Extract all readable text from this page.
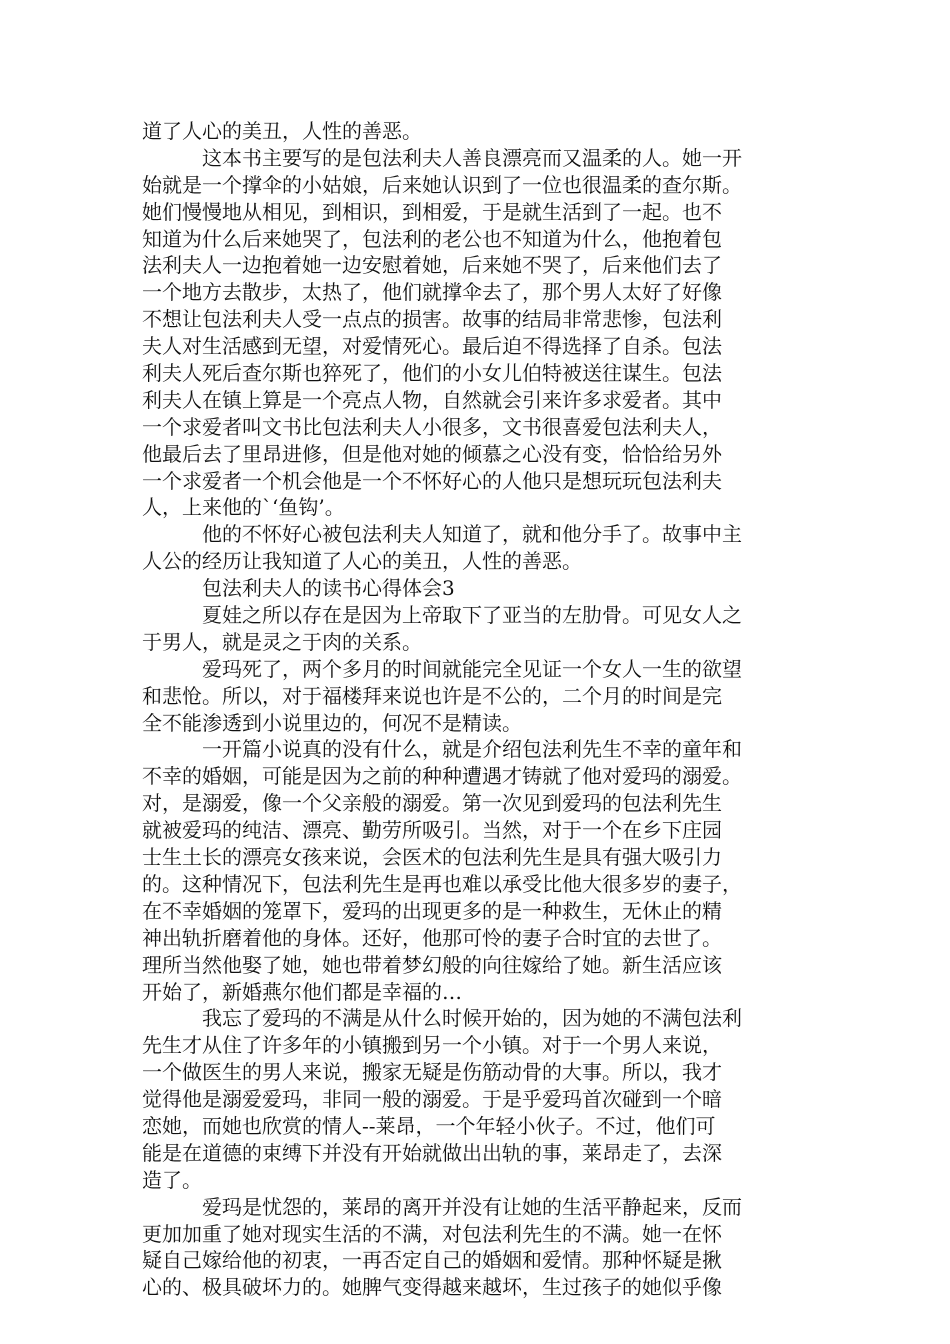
道了人心的美丑，人性的善恶。
这本书主要写的是包法利夫人善良漂亮而又温柔的人。她一开
始就是一个撑伞的小姑娘，后来她认识到了一位也很温柔的查尔斯。
她们慢慢地从相见，到相识，到相爱，于是就生活到了一起。也不
知道为什么后来她哭了，包法利的老公也不知道为什么，他抱着包
法利夫人一边抱着她一边安慰着她，后来她不哭了，后来他们去了
一个地方去散步，太热了，他们就撑伞去了，那个男人太好了好像
不想让包法利夫人受一点点的损害。故事的结局非常悲惨，包法利
夫人对生活感到无望，对爱情死心。最后迫不得选择了自杀。包法
利夫人死后查尔斯也猝死了，他们的小女儿伯特被送往谋生。包法
利夫人在镇上算是一个亮点人物，自然就会引来许多求爱者。其中
一个求爱者叫文书比包法利夫人小很多，文书很喜爱包法利夫人，
他最后去了里昂进修，但是他对她的倾慕之心没有变，恰恰给另外
一个求爱者一个机会他是一个不怀好心的人他只是想玩玩包法利夫
人，上来他的`‘鱼钩’。
他的不怀好心被包法利夫人知道了，就和他分手了。故事中主
人公的经历让我知道了人心的美丑，人性的善恶。
包法利夫人的读书心得体会3
夏娃之所以存在是因为上帝取下了亚当的左肋骨。可见女人之
于男人，就是灵之于肉的关系。
爱玛死了，两个多月的时间就能完全见证一个女人一生的欲望
和悲怆。所以，对于福楼拜来说也许是不公的，二个月的时间是完
全不能渗透到小说里边的，何况不是精读。
一开篇小说真的没有什么，就是介绍包法利先生不幸的童年和
不幸的婚姻，可能是因为之前的种种遭遇才铸就了他对爱玛的溺爱。
对，是溺爱，像一个父亲般的溺爱。第一次见到爱玛的包法利先生
就被爱玛的纯洁、漂亮、勤劳所吸引。当然，对于一个在乡下庄园
士生土长的漂亮女孩来说，会医术的包法利先生是具有强大吸引力
的。这种情况下，包法利先生是再也难以承受比他大很多岁的妻子，
在不幸婚姻的笼罩下，爱玛的出现更多的是一种救生，无休止的精
神出轨折磨着他的身体。还好，他那可怜的妻子合时宜的去世了。
理所当然他娶了她，她也带着梦幻般的向往嫁给了她。新生活应该
开始了，新婚燕尔他们都是幸福的…
我忘了爱玛的不满是从什么时候开始的，因为她的不满包法利
先生才从住了许多年的小镇搬到另一个小镇。对于一个男人来说，
一个做医生的男人来说，搬家无疑是伤筋动骨的大事。所以，我才
觉得他是溺爱爱玛，非同一般的溺爱。于是乎爱玛首次碰到一个暗
恋她，而她也欣赏的情人--莱昂，一个年轻小伙子。不过，他们可
能是在道德的束缚下并没有开始就做出出轨的事，莱昂走了，去深
造了。
爱玛是忧怨的，莱昂的离开并没有让她的生活平静起来，反而
更加加重了她对现实生活的不满，对包法利先生的不满。她一在怀
疑自己嫁给他的初衷，一再否定自己的婚姻和爱情。那种怀疑是揪
心的、极具破坏力的。她脾气变得越来越坏，生过孩子的她似乎像
